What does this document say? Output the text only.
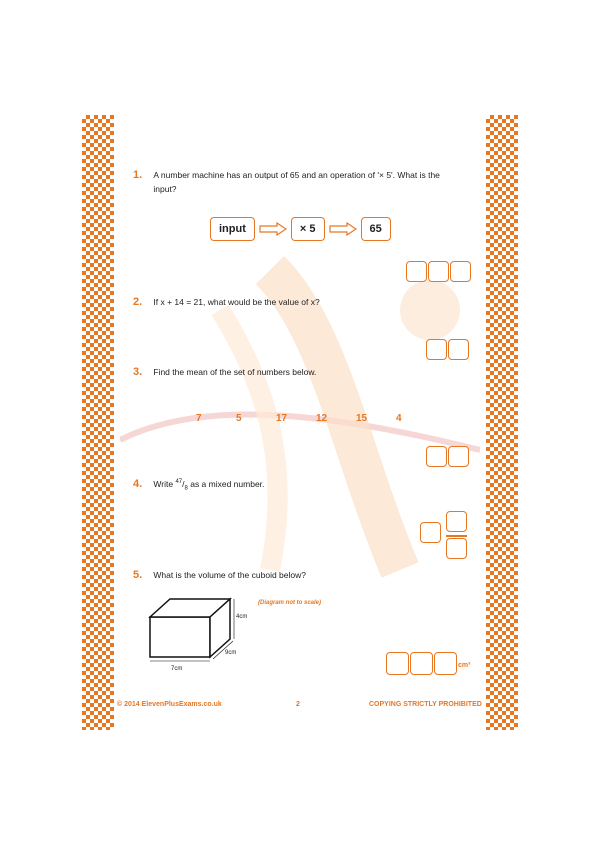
1. A number machine has an output of 65 and an operation of '× 5'. What is the input?
input	× 5	65
2. If x + 14 = 21, what would be the value of x?
3. Find the mean of the set of numbers below.
7	5	17	12	15	4
4. Write $^{47}/_8$ as a mixed number.
5. What is the volume of the cuboid below?
(Diagram not to scale)
4cm
9cm
7cm	cm³
© 2014 ElevenPlusExams.co.uk	2	COPYING STRICTLY PROHIBITED
